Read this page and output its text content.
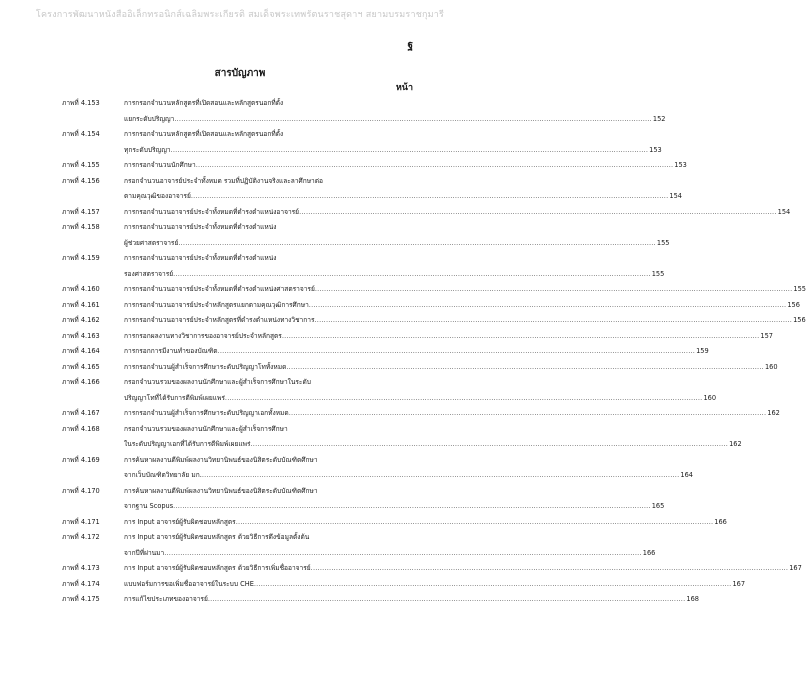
โครงการพัฒนาหนังสืออิเล็กทรอนิกส์เฉลิมพระเกียรติ สมเด็จพระเทพรัตนราชสุดาฯ สยามบรมราชกุมารี
ฐ
สารบัญภาพ
หน้า
ภาพที่ 4.153	การกรอกจำนวนหลักสูตรที่เปิดสอนและหลักสูตรนอกที่ตั้ง
แยกระดับปริญญา .....	152
ภาพที่ 4.154	การกรอกจำนวนหลักสูตรที่เปิดสอนและหลักสูตรนอกที่ตั้ง
ทุกระดับปริญญา .....	153
ภาพที่ 4.155	การกรอกจำนวนนักศึกษา .....	153
ภาพที่ 4.156	กรอกจำนวนอาจารย์ประจำทั้งหมด รวมที่ปฏิบัติงานจริงและลาศึกษาต่อ
ตามคุณวุฒิของอาจารย์ .....	154
ภาพที่ 4.157	การกรอกจำนวนอาจารย์ประจำทั้งหมดที่ดำรงตำแหน่งอาจารย์ .....	154
ภาพที่ 4.158	การกรอกจำนวนอาจารย์ประจำทั้งหมดที่ดำรงตำแหน่ง
ผู้ช่วยศาสตราจารย์ .....	155
ภาพที่ 4.159	การกรอกจำนวนอาจารย์ประจำทั้งหมดที่ดำรงตำแหน่ง
รองศาสตราจารย์ .....	155
ภาพที่ 4.160	การกรอกจำนวนอาจารย์ประจำทั้งหมดที่ดำรงตำแหน่งศาสตราจารย์ .....	155
ภาพที่ 4.161	การกรอกจำนวนอาจารย์ประจำหลักสูตรแยกตามคุณวุฒิการศึกษา .....	156
ภาพที่ 4.162	การกรอกจำนวนอาจารย์ประจำหลักสูตรที่ดำรงตำแหน่งทางวิชาการ .....	156
ภาพที่ 4.163	การกรอกผลงานทางวิชาการของอาจารย์ประจำหลักสูตร .....	157
ภาพที่ 4.164	การกรอกการมีงานทำของบัณฑิต .....	159
ภาพที่ 4.165	การกรอกจำนวนผู้สำเร็จการศึกษาระดับปริญญาโททั้งหมด .....	160
ภาพที่ 4.166	กรอกจำนวนรวมของผลงานนักศึกษาและผู้สำเร็จการศึกษาในระดับ
ปริญญาโทที่ได้รับการตีพิมพ์เผยแพร่ .....	160
ภาพที่ 4.167	การกรอกจำนวนผู้สำเร็จการศึกษาระดับปริญญาเอกทั้งหมด .....	162
ภาพที่ 4.168	กรอกจำนวนรวมของผลงานนักศึกษาและผู้สำเร็จการศึกษา
ในระดับปริญญาเอกที่ได้รับการตีพิมพ์เผยแพร่ .....	162
ภาพที่ 4.169	การค้นหาผลงานตีพิมพ์ผลงานวิทยานิพนธ์ของนิสิตระดับบัณฑิตศึกษา
จากเว็บบัณฑิตวิทยาลัย มก. .....	164
ภาพที่ 4.170	การค้นหาผลงานตีพิมพ์ผลงานวิทยานิพนธ์ของนิสิตระดับบัณฑิตศึกษา
จากฐาน Scopus .....	165
ภาพที่ 4.171	การ Input อาจารย์ผู้รับผิดชอบหลักสูตร .....	166
ภาพที่ 4.172	การ Input อาจารย์ผู้รับผิดชอบหลักสูตร ด้วยวิธีการดึงข้อมูลตั้งต้น
จากปีที่ผ่านมา .....	166
ภาพที่ 4.173	การ Input อาจารย์ผู้รับผิดชอบหลักสูตร ด้วยวิธีการเพิ่มชื่ออาจารย์ .....	167
ภาพที่ 4.174	แบบฟอร์มการขอเพิ่มชื่ออาจารย์ในระบบ CHE .....	167
ภาพที่ 4.175	การแก้ไขประเภทของอาจารย์ .....	168
